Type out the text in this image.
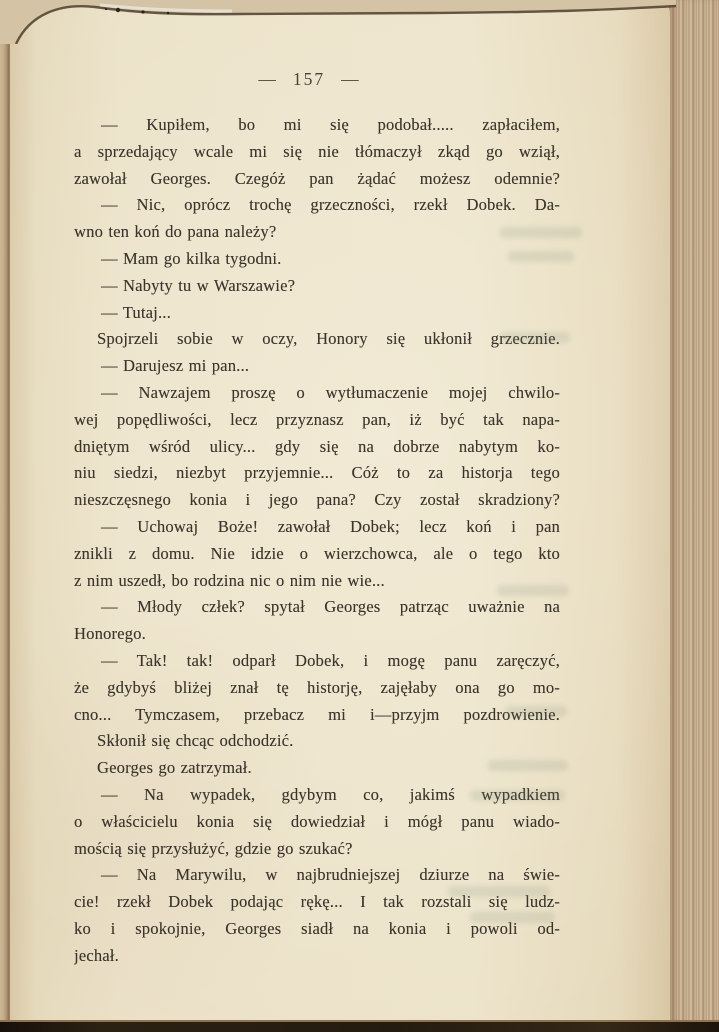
— 157 —
— Kupiłem, bo mi się podobał..... zapłaciłem,
a sprzedający wcale mi się nie tłómaczył zkąd go wziął,
zawołał Georges. Czegóż pan żądać możesz odemnie?
— Nic, oprócz trochę grzeczności, rzekł Dobek. Da-
wno ten koń do pana należy?
— Mam go kilka tygodni.
— Nabyty tu w Warszawie?
— Tutaj...
Spojrzeli sobie w oczy, Honory się ukłonił grzecznie.
— Darujesz mi pan...
— Nawzajem proszę o wytłumaczenie mojej chwilo-
wej popędliwości, lecz przyznasz pan, iż być tak napa-
dniętym wśród ulicy... gdy się na dobrze nabytym ko-
niu siedzi, niezbyt przyjemnie... Cóż to za historja tego
nieszczęsnego konia i jego pana? Czy został skradziony?
— Uchowaj Boże! zawołał Dobek; lecz koń i pan
znikli z domu. Nie idzie o wierzchowca, ale o tego kto
z nim uszedł, bo rodzina nic o nim nie wie...
— Młody człek? spytał Georges patrząc uważnie na
Honorego.
— Tak! tak! odparł Dobek, i mogę panu zaręczyć,
że gdybyś bliżej znał tę historję, zajęłaby ona go mo-
cno... Tymczasem, przebacz mi i—przyjm pozdrowienie.
Skłonił się chcąc odchodzić.
Georges go zatrzymał.
— Na wypadek, gdybym co, jakimś wypadkiem
o właścicielu konia się dowiedział i mógł panu wiado-
mością się przysłużyć, gdzie go szukać?
— Na Marywilu, w najbrudniejszej dziurze na świe-
cie! rzekł Dobek podając rękę... I tak rozstali się ludz-
ko i spokojnie, Georges siadł na konia i powoli od-
jechał.
